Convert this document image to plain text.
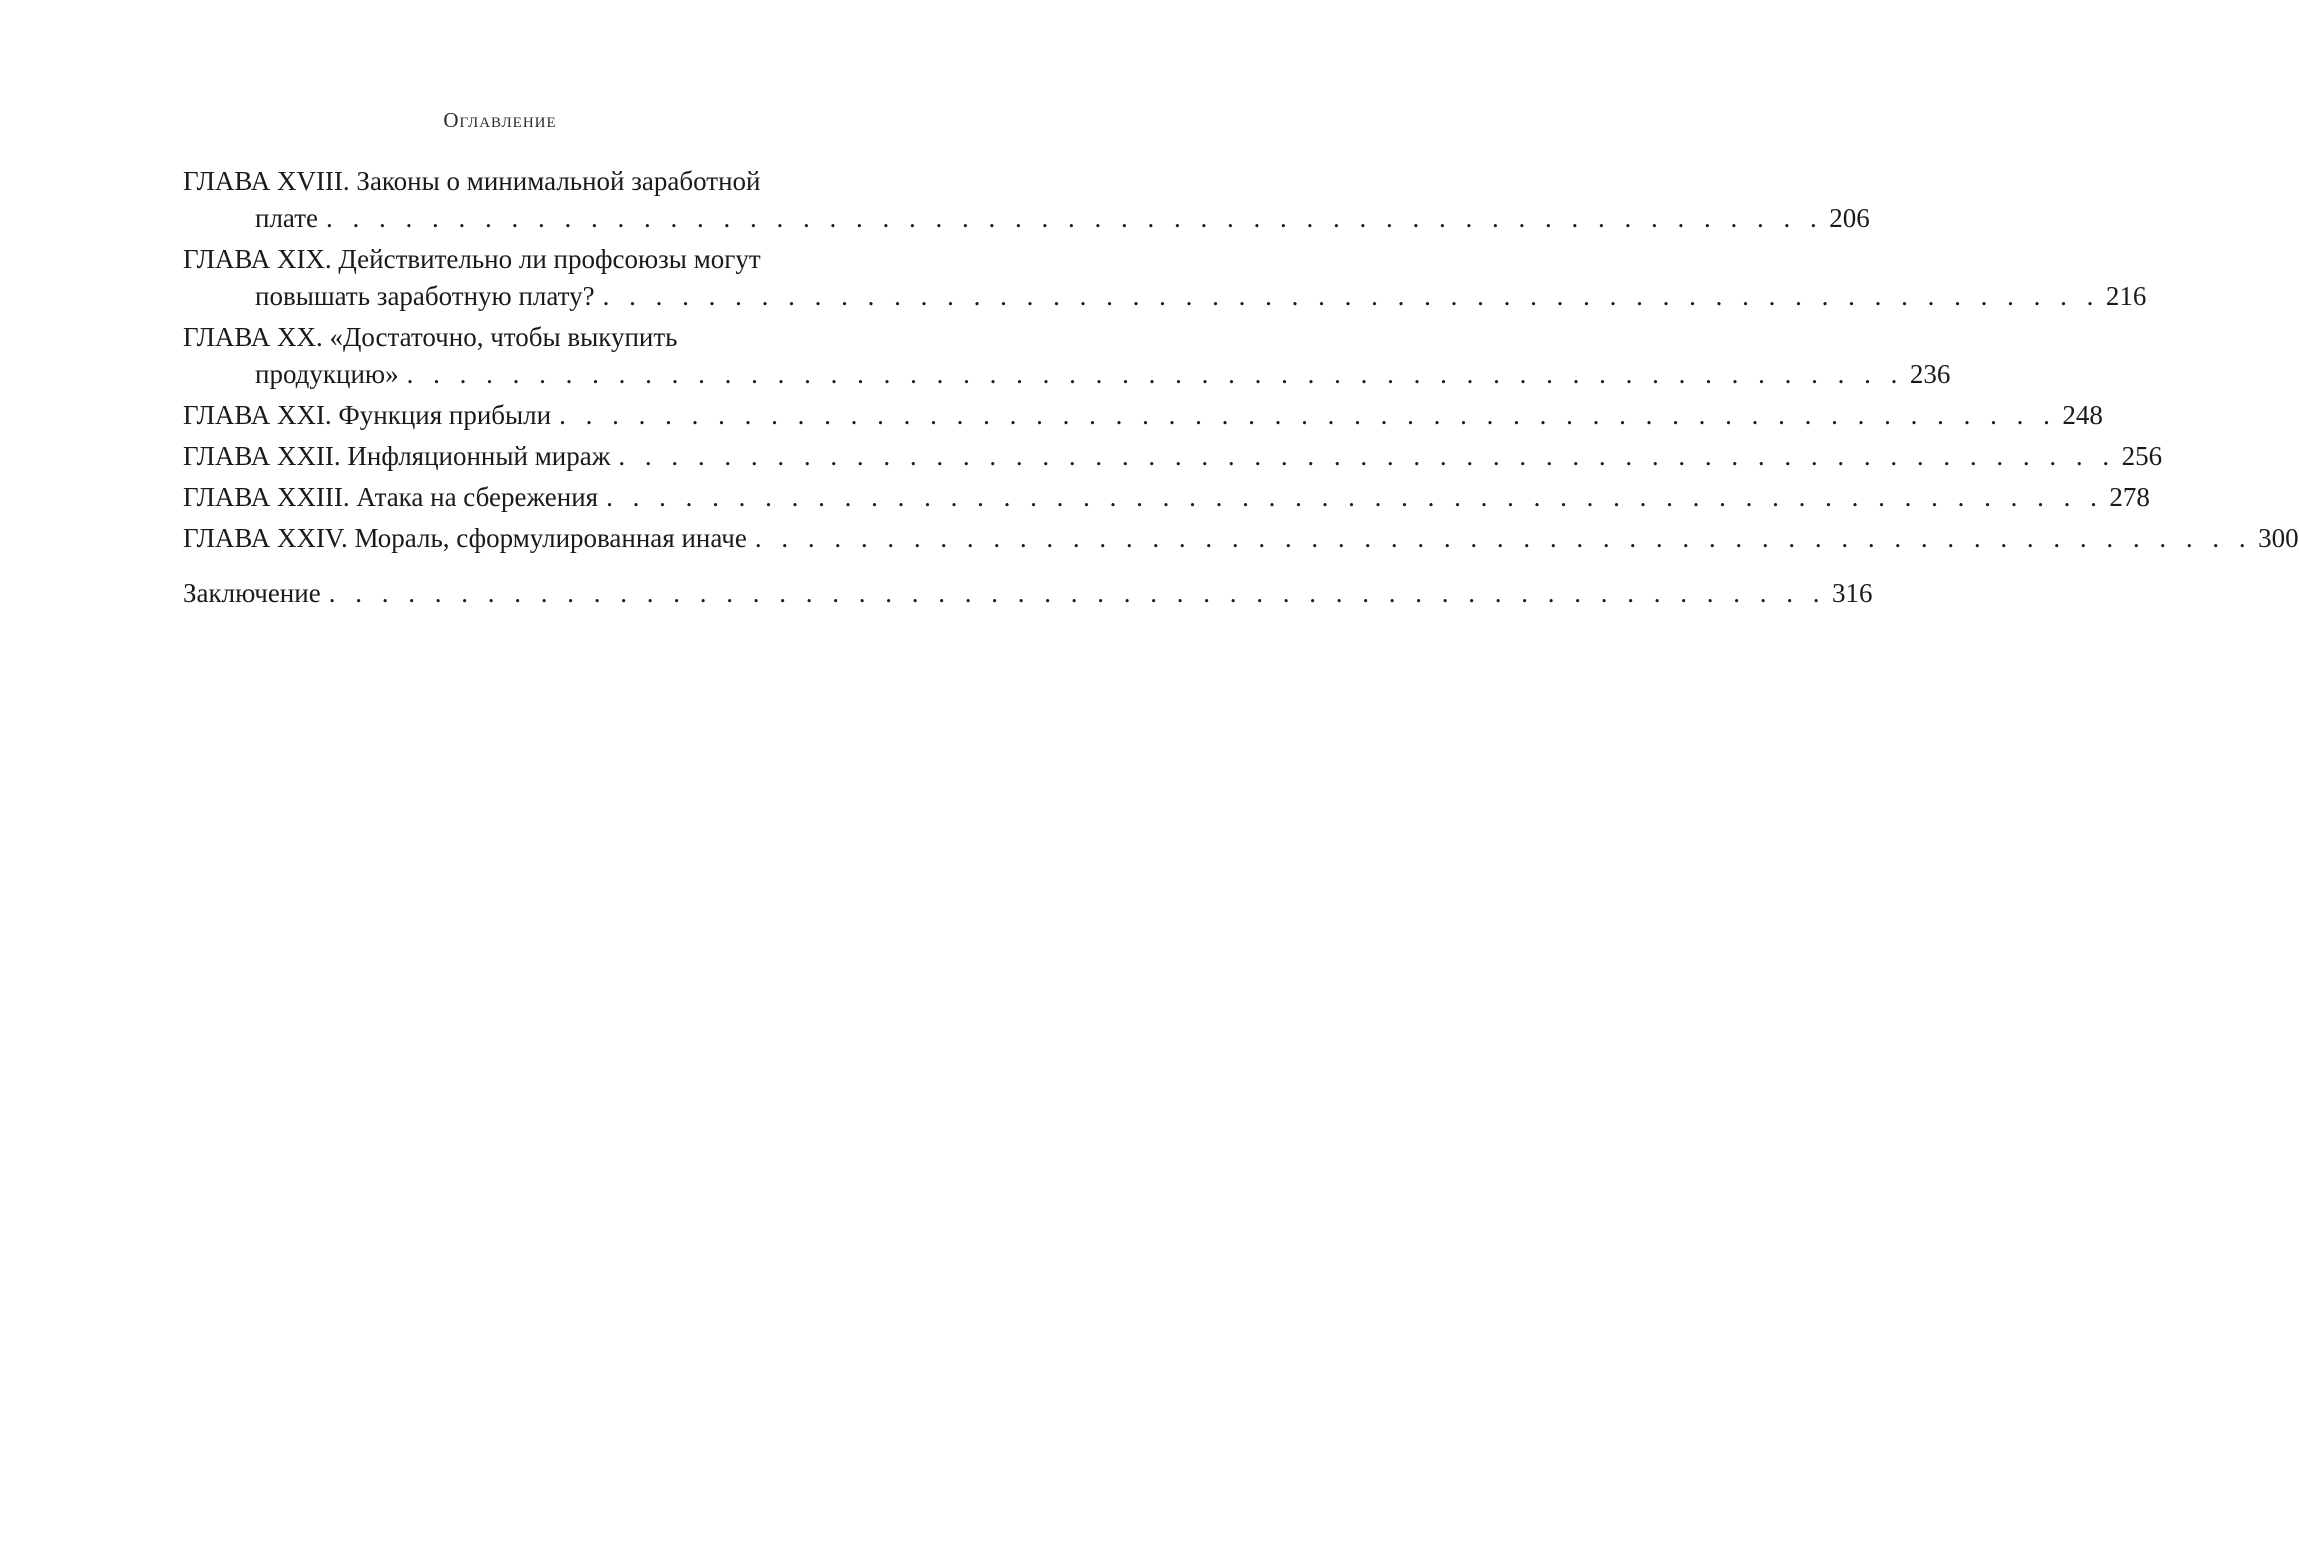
Оглавление
ГЛАВА XVIII. Законы о минимальной заработной
плате . . . . . . . . . . . . . . . . . . . . . . . . . . . . . . . . . . . . . . . . . . . . . . . . . . . . . . . . . 206
ГЛАВА XIX. Действительно ли профсоюзы могут
повышать заработную плату? . . . . . . . . . . . . . . . . . . . . . . . . . . . . . . . . . . . . . . . . . . . . . . . . . . . . . . . . . 216
ГЛАВА XX. «Достаточно, чтобы выкупить
продукцию» . . . . . . . . . . . . . . . . . . . . . . . . . . . . . . . . . . . . . . . . . . . . . . . . . . . . . . . . . 236
ГЛАВА XXI. Функция прибыли . . . . . . . . . . . . . . . . . . . . . . . . . . . . . . . . . . . . . . . . . . . . . . . . . . . . . . . . . 248
ГЛАВА XXII. Инфляционный мираж . . . . . . . . . . . . . . . . . . . . . . . . . . . . . . . . . . . . . . . . . . . . . . . . . . . . . . . . . 256
ГЛАВА XXIII. Атака на сбережения . . . . . . . . . . . . . . . . . . . . . . . . . . . . . . . . . . . . . . . . . . . . . . . . . . . . . . . . . 278
ГЛАВА XXIV. Мораль, сформулированная иначе . . . . . . . . . . . . . . . . . . . . . . . . . . . . . . . . . . . . . . . . . . . . . . . . . . . . . . . . . 300
Заключение . . . . . . . . . . . . . . . . . . . . . . . . . . . . . . . . . . . . . . . . . . . . . . . . . . . . . . . . . 316
